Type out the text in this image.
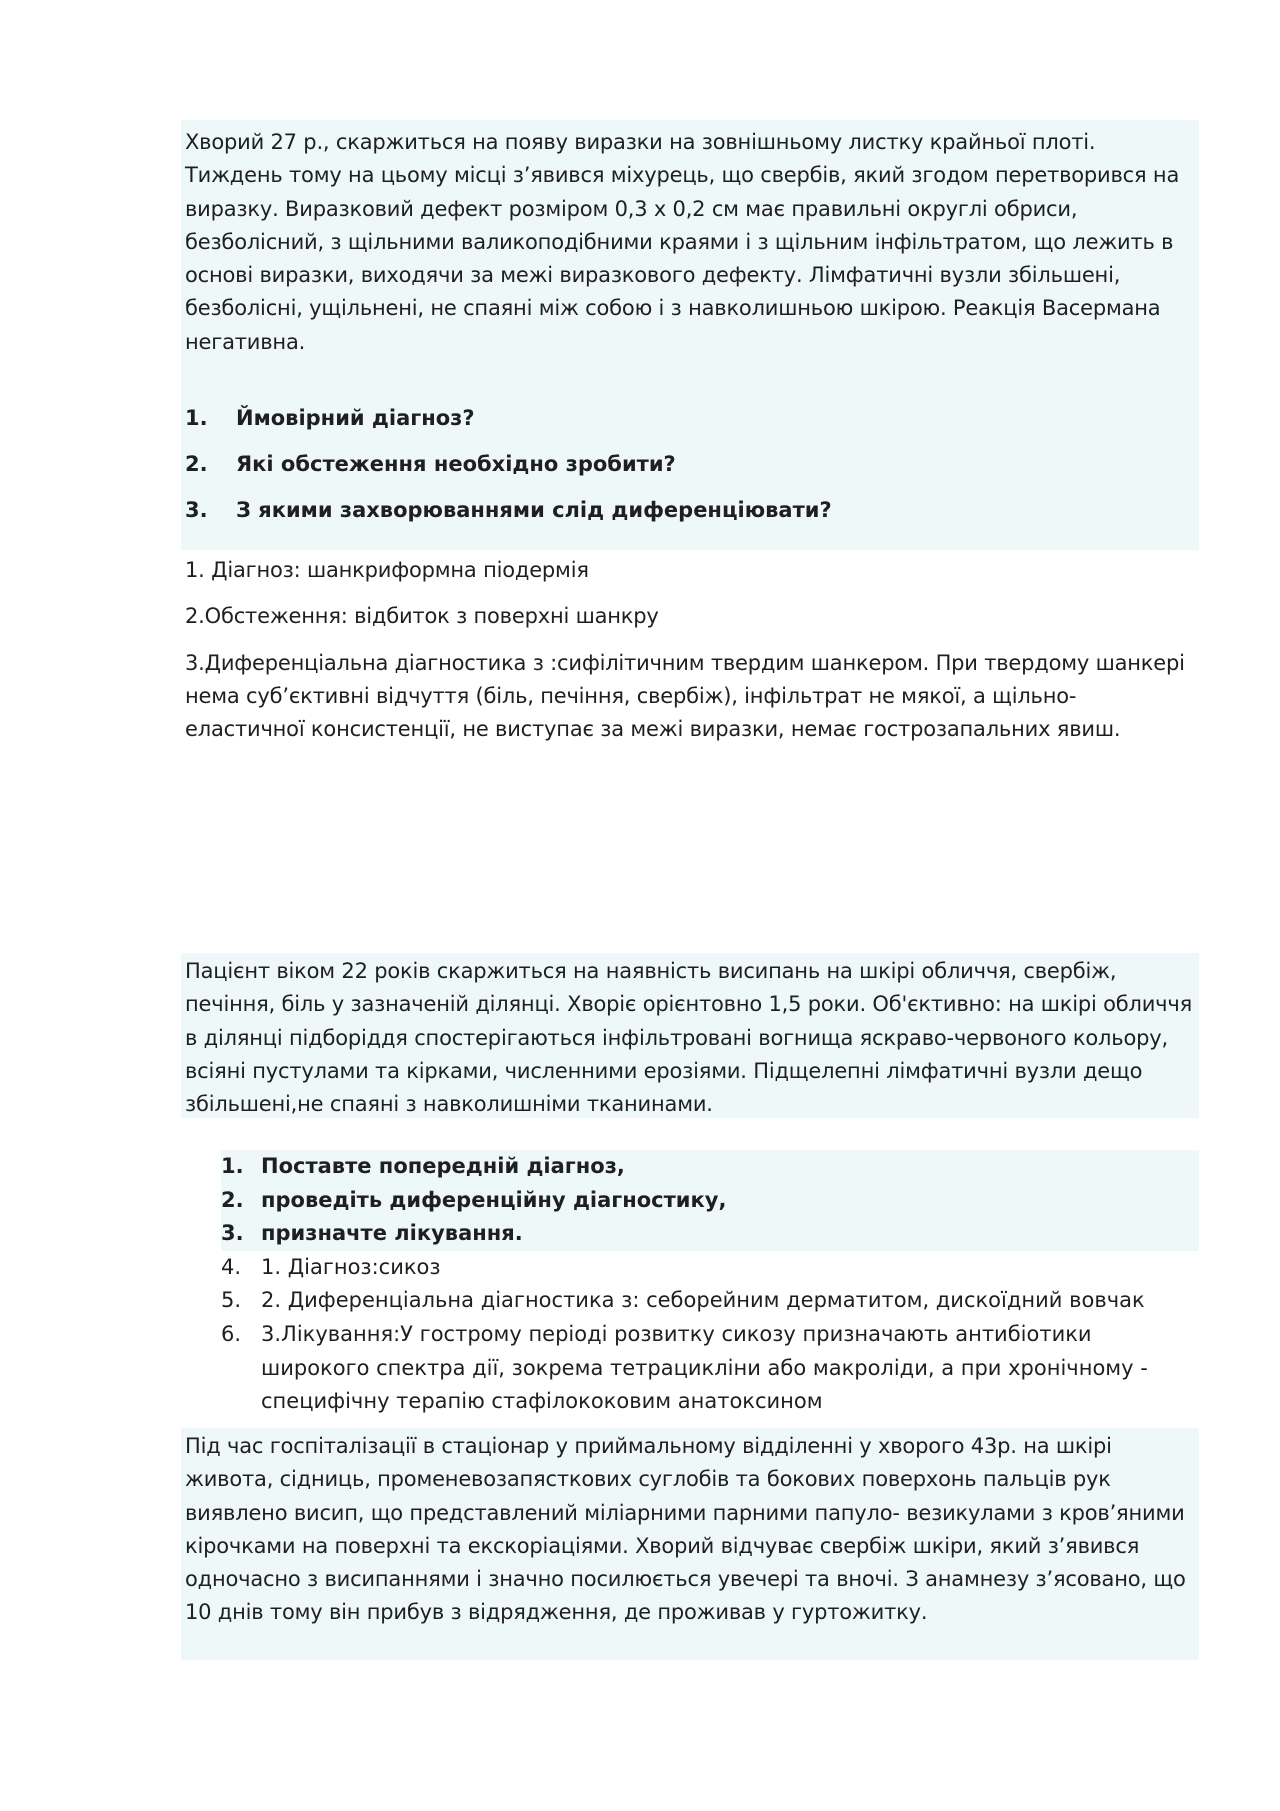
Хворий 27 р., скаржиться на появу виразки на зовнішньому листку крайньої плоті. Тиждень тому на цьому місці з’явився міхурець, що свербів, який згодом перетворився на виразку. Виразковий дефект розміром 0,3 х 0,2 см має правильні округлі обриси, безболісний, з щільними валикоподібними краями і з щільним інфільтратом, що лежить в основі виразки, виходячи за межі виразкового дефекту. Лімфатичні вузли збільшені, безболісні, ущільнені, не спаяні між собою і з навколишньою шкірою. Реакція Васермана негативна.
1.	Ймовірний діагноз?
2.	Які обстеження необхідно зробити?
3.	З якими захворюваннями слід диференціювати?

1. Діагноз: шанкриформна піодермія

2.Обстеження: відбиток з поверхні шанкру

3.Диференціальна діагностика з :сифілітичним твердим шанкером. При твердому шанкері нема суб’єктивні відчуття (біль, печіння, свербіж), інфільтрат не мякої, а щільно-еластичної консистенції, не виступає за межі виразки, немає гострозапальних явиш.

Пацієнт віком 22 років скаржиться на наявність висипань на шкірі обличчя, свербіж, печіння, біль у зазначеній ділянці. Хворіє орієнтовно 1,5 роки. Об'єктивно: на шкірі обличчя в ділянці підборіддя спостерігаються інфільтровані вогнища яскраво-червоного кольору, всіяні пустулами та кірками, численними ерозіями. Підщелепні лімфатичні вузли дещо збільшені,не спаяні з навколишніми тканинами.
1. Поставте попередній діагноз,
2. проведіть диференційну діагностику,
3. призначте лікування.
4. 1. Діагноз:сикоз
5. 2. Диференціальна діагностика з: себорейним дерматитом, дискоїдний вовчак
6. 3.Лікування:У гострому періоді розвитку сикозу призначають антибіотики широкого спектра дії, зокрема тетрацикліни або макроліди, а при хронічному - специфічну терапію стафілококовим анатоксином
Під час госпіталізації в стаціонар у приймальному відділенні у хворого 43р. на шкірі живота, сідниць, променевозапясткових суглобів та бокових поверхонь пальців рук виявлено висип, що представлений міліарними парними папуло- везикулами з кров’яними кірочками на поверхні та екскоріаціями. Хворий відчуває свербіж шкіри, який з’явився одночасно з висипаннями і значно посилюється увечері та вночі. З анамнезу з’ясовано, що 10 днів тому він прибув з відрядження, де проживав у гуртожитку.
